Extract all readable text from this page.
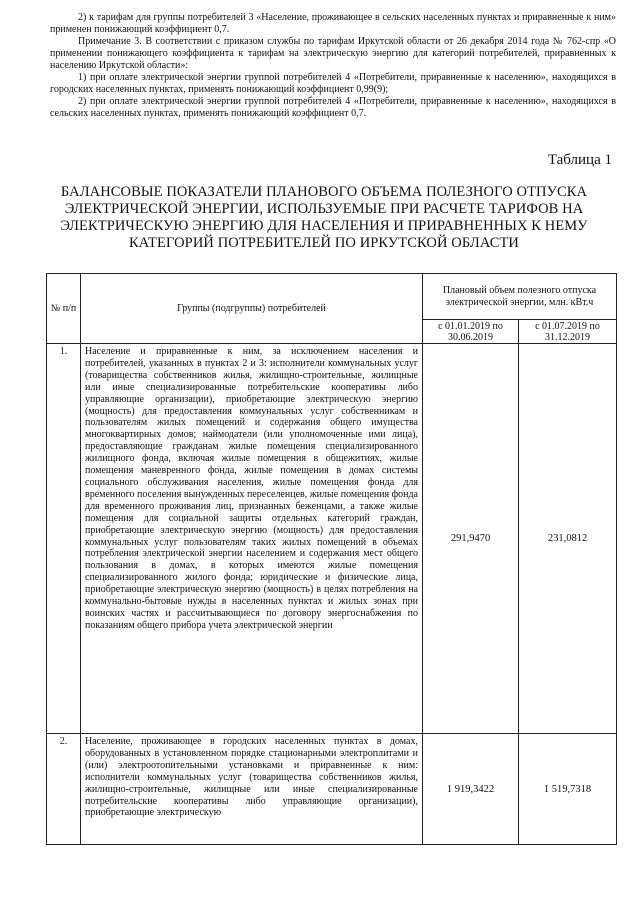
2) к тарифам для группы потребителей 3 «Население, проживающее в сельских населенных пунктах и приравненные к ним» применен понижающий коэффициент 0,7.

Примечание 3. В соответствии с приказом службы по тарифам Иркутской области от 26 декабря 2014 года № 762-спр «О применении понижающего коэффициента к тарифам на электрическую энергию для категорий потребителей, приравненных к населению Иркутской области»:

1) при оплате электрической энергии группой потребителей 4 «Потребители, приравненные к населению», находящихся в городских населенных пунктах, применять понижающий коэффициент 0,99(9);

2) при оплате электрической энергии группой потребителей 4 «Потребители, приравненные к населению», находящихся в сельских населенных пунктах, применять понижающий коэффициент 0,7.

Таблица 1
БАЛАНСОВЫЕ ПОКАЗАТЕЛИ ПЛАНОВОГО ОБЪЕМА ПОЛЕЗНОГО ОТПУСКА ЭЛЕКТРИЧЕСКОЙ ЭНЕРГИИ, ИСПОЛЬЗУЕМЫЕ ПРИ РАСЧЕТЕ ТАРИФОВ НА ЭЛЕКТРИЧЕСКУЮ ЭНЕРГИЮ ДЛЯ НАСЕЛЕНИЯ И ПРИРАВНЕННЫХ К НЕМУ КАТЕГОРИЙ ПОТРЕБИТЕЛЕЙ ПО ИРКУТСКОЙ ОБЛАСТИ
№ п/п	Группы (подгруппы) потребителей	Плановый объем полезного отпуска электрической энергии, млн. кВт.ч	
		с 01.01.2019 по 30.06.2019	с 01.07.2019 по 31.12.2019
1.	Население и приравненные к ним, за исключением населения и потребителей, указанных в пунктах 2 и 3: исполнители коммунальных услуг (товарищества собственников жилья, жилищно-строительные, жилищные или иные специализированные потребительские кооперативы либо управляющие организации), приобретающие электрическую энергию (мощность) для предоставления коммунальных услуг собственникам и пользователям жилых помещений и содержания общего имущества многоквартирных домов; наймодатели (или уполномоченные ими лица), предоставляющие гражданам жилые помещения специализированного жилищного фонда, включая жилые помещения в общежитиях, жилые помещения маневренного фонда, жилые помещения в домах системы социального обслуживания населения, жилые помещения фонда для временного поселения вынужденных переселенцев, жилые помещения фонда для временного проживания лиц, признанных беженцами, а также жилые помещения для социальной защиты отдельных категорий граждан, приобретающие электрическую энергию (мощность) для предоставления коммунальных услуг пользователям таких жилых помещений в объемах потребления электрической энергии населением и содержания мест общего пользования в домах, в которых имеются жилые помещения специализированного жилого фонда; юридические и физические лица, приобретающие электрическую энергию (мощность) в целях потребления на коммунально-бытовые нужды в населенных пунктах и жилых зонах при воинских частях и рассчитывающиеся по договору энергоснабжения по показаниям общего прибора учета электрической энергии	291,9470	231,0812
2.	Население, проживающее в городских населенных пунктах в домах, оборудованных в установленном порядке стационарными электроплитами и (или) электроотопительными установками и приравненные к ним: исполнители коммунальных услуг (товарищества собственников жилья, жилищно-строительные, жилищные или иные специализированные потребительские кооперативы либо управляющие организации), приобретающие электрическую	1 919,3422	1 519,7318
